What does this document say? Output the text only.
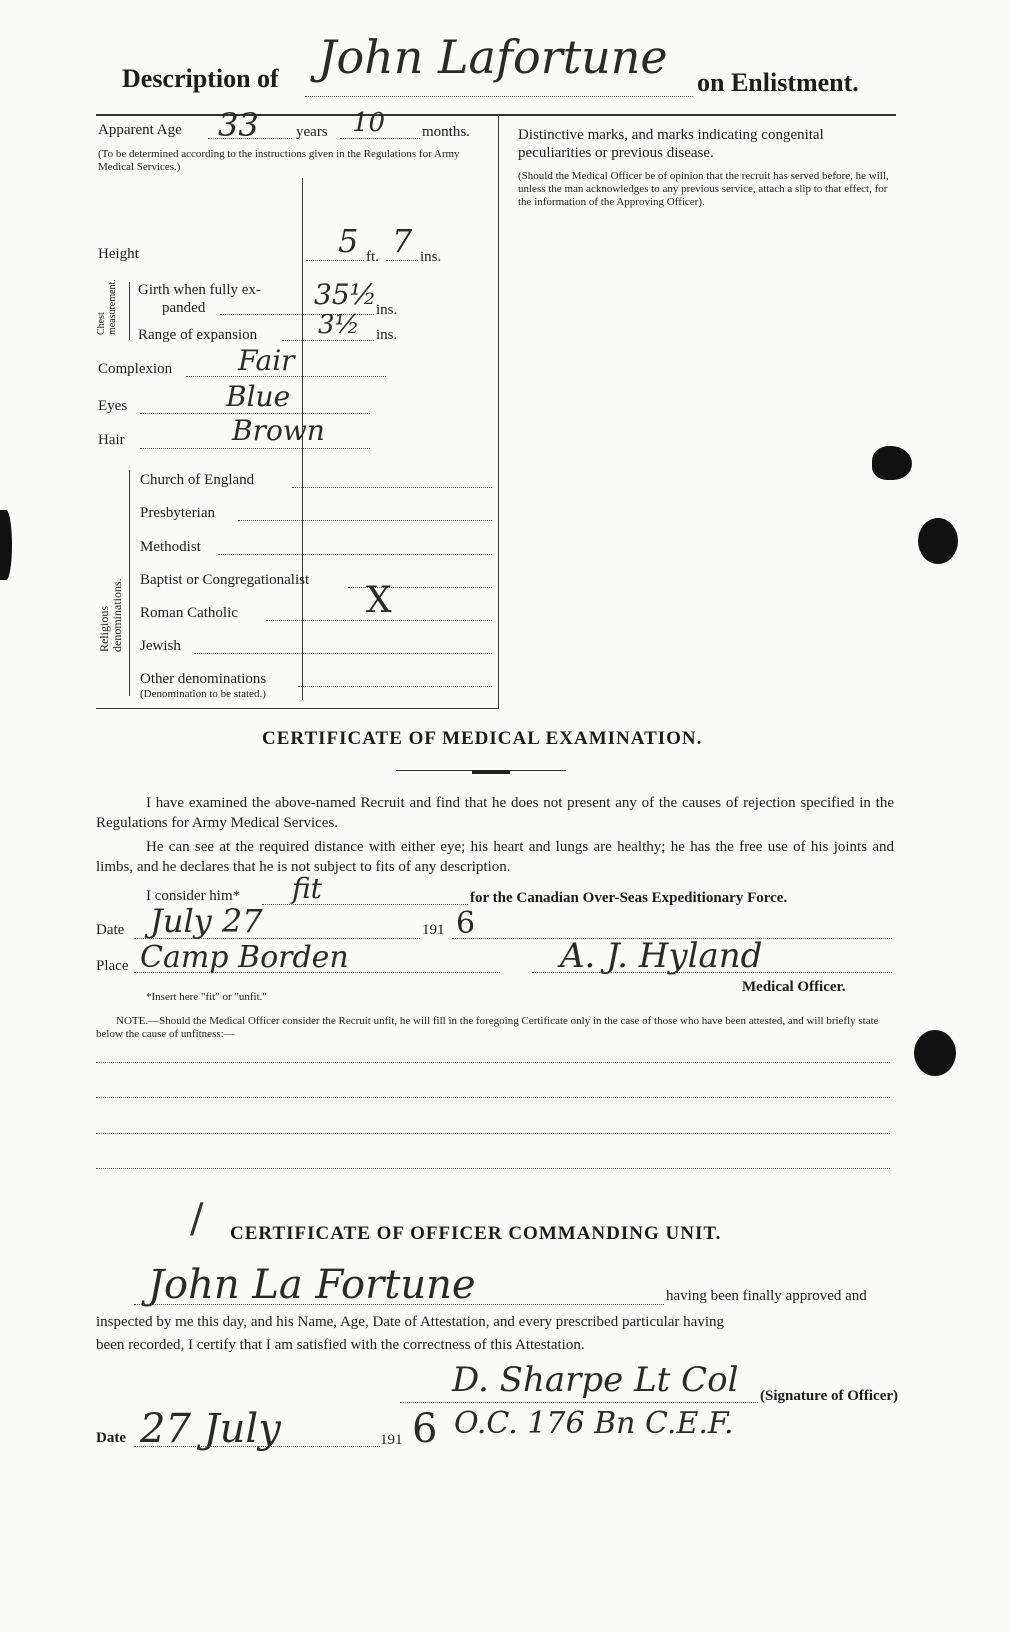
Description of John Lafortune on Enlistment.
Apparent Age 33 years 10 months.
(To be determined according to the instructions given in the Regulations for Army Medical Services.)
Height	5 ft. 7 ins.
Chest measurement. Girth when fully ex-
panded	35½ ins.
Range of expansion 3½ ins.
Complexion Fair
Eyes	Blue
Hair	Brown
Religious denominations.
Church of England
Presbyterian
Methodist
Baptist or Congregationalist
Roman Catholic	X
Jewish
Other denominations
(Denomination to be stated.)
Distinctive marks, and marks indicating congenital
peculiarities or previous disease.
(Should the Medical Officer be of opinion that the recruit has served before, he will, unless the man acknowledges to any previous service, attach a slip to that effect, for the information of the Approving Officer).
CERTIFICATE OF MEDICAL EXAMINATION.
I have examined the above-named Recruit and find that he does not present any of the causes of rejection specified in the Regulations for Army Medical Services.
He can see at the required distance with either eye; his heart and lungs are healthy; he has the free use of his joints and limbs, and he declares that he is not subject to fits of any description.
I consider him* fit	for the Canadian Over-Seas Expeditionary Force.
Date July 27	191 6
Place Camp Borden	A. J. Hyland
Medical Officer.
*Insert here "fit" or "unfit."
NOTE.—Should the Medical Officer consider the Recruit unfit, he will fill in the foregoing Certificate only in the case of those who have been attested, and will briefly state below the cause of unfitness:—
/ CERTIFICATE OF OFFICER COMMANDING UNIT.
John La Fortune	having been finally approved and
inspected by me this day, and his Name, Age, Date of Attestation, and every prescribed particular having
been recorded, I certify that I am satisfied with the correctness of this Attestation.
D. Sharpe Lt Col (Signature of Officer)
Date 27 July	191 6 O.C. 176 Bn C.E.F.
